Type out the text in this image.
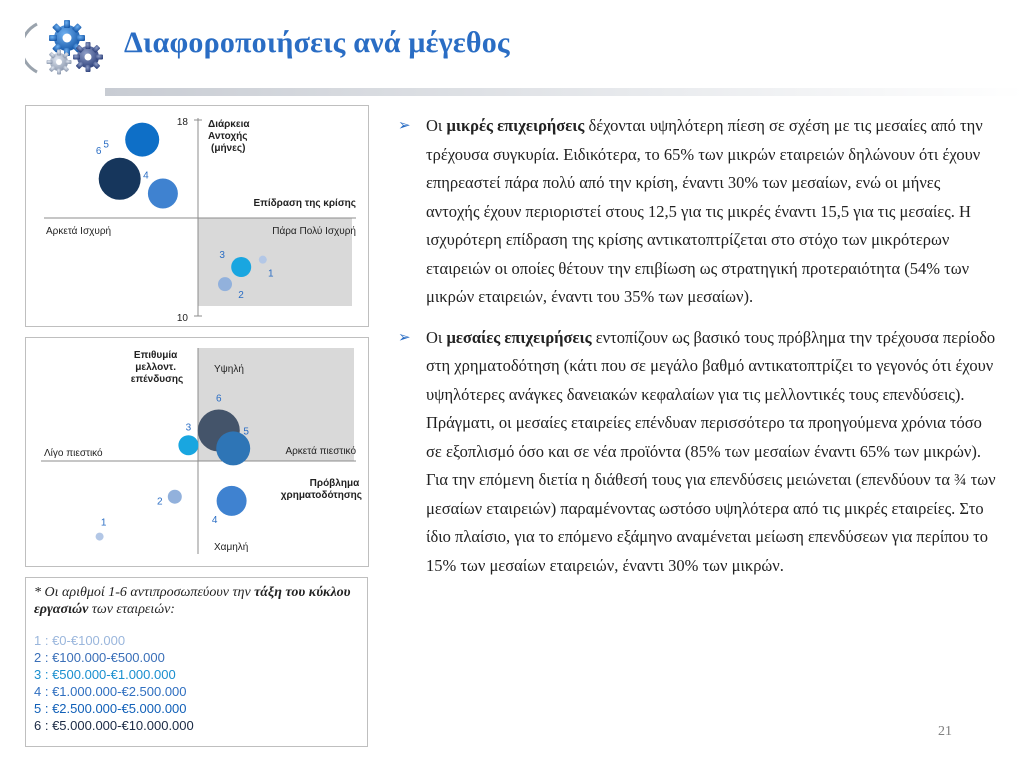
Διαφοροποιήσεις ανά μέγεθος
18
10
Διάρκεια Αντοχής (μήνες)
Επίδραση της κρίσης
Αρκετά Ισχυρή	Πάρα Πολύ Ισχυρή
5
6
4
3
1
2
Επιθυμία μελλοντ. επένδυσης
Υψηλή
Χαμηλή
Λίγο πιεστικό	Αρκετά πιεστικό
Πρόβλημα χρηματοδότησης
6
5
3
2
4
1
* Οι αριθμοί 1-6 αντιπροσωπεύουν την τάξη του κύκλου εργασιών των εταιρειών:
1 : €0-€100.000
2 : €100.000-€500.000
3 : €500.000-€1.000.000
4 : €1.000.000-€2.500.000
5 : €2.500.000-€5.000.000
6 : €5.000.000-€10.000.000
➢ Οι μικρές επιχειρήσεις δέχονται υψηλότερη πίεση σε σχέση με τις μεσαίες από την τρέχουσα συγκυρία. Ειδικότερα, το 65% των μικρών εταιρειών δηλώνουν ότι έχουν επηρεαστεί πάρα πολύ από την κρίση, έναντι 30% των μεσαίων, ενώ οι μήνες αντοχής έχουν περιοριστεί στους 12,5 για τις μικρές έναντι 15,5 για τις μεσαίες. Η ισχυρότερη επίδραση της κρίσης αντικατοπτρίζεται στο στόχο των μικρότερων εταιρειών οι οποίες θέτουν την επιβίωση ως στρατηγική προτεραιότητα (54% των μικρών εταιρειών, έναντι του 35% των μεσαίων).
➢ Οι μεσαίες επιχειρήσεις εντοπίζουν ως βασικό τους πρόβλημα την τρέχουσα περίοδο στη χρηματοδότηση (κάτι που σε μεγάλο βαθμό αντικατοπτρίζει το γεγονός ότι έχουν υψηλότερες ανάγκες δανειακών κεφαλαίων για τις μελλοντικές τους επενδύσεις). Πράγματι, οι μεσαίες εταιρείες επένδυαν περισσότερο τα προηγούμενα χρόνια τόσο σε εξοπλισμό όσο και σε νέα προϊόντα (85% των μεσαίων έναντι 65% των μικρών). Για την επόμενη διετία η διάθεσή τους για επενδύσεις μειώνεται (επενδύουν τα ¾ των μεσαίων εταιρειών) παραμένοντας ωστόσο υψηλότερα από τις μικρές εταιρείες. Στο ίδιο πλαίσιο, για το επόμενο εξάμηνο αναμένεται μείωση επενδύσεων για περίπου το 15% των μεσαίων εταιρειών, έναντι 30% των μικρών.
21
